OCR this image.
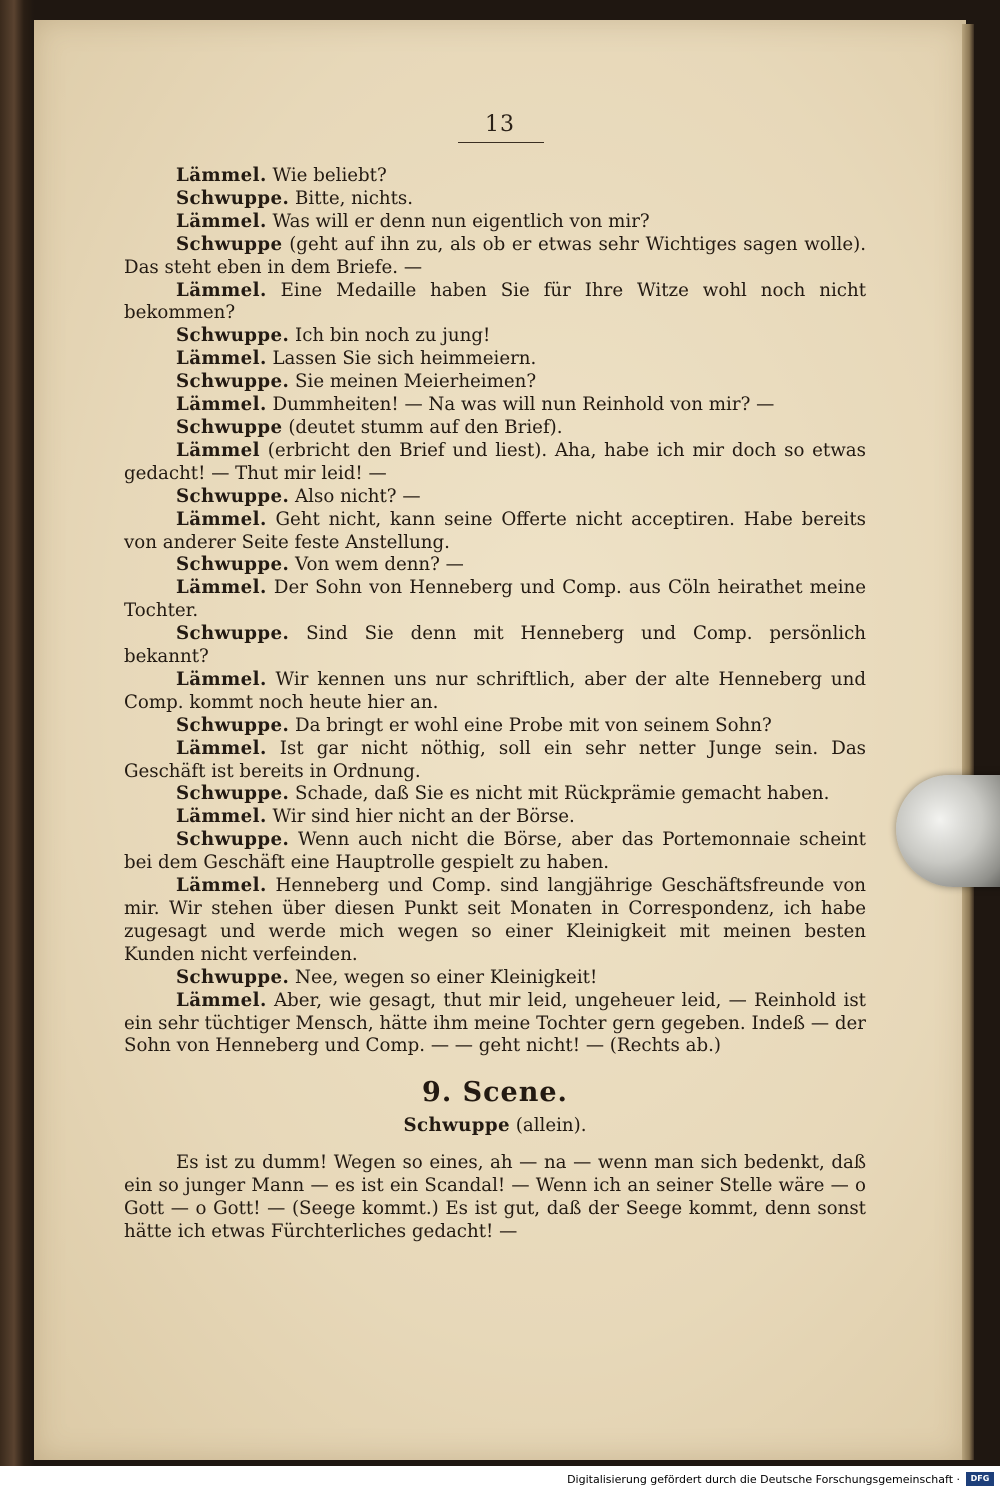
13

Lämmel. Wie beliebt?

Schwuppe. Bitte, nichts.

Lämmel. Was will er denn nun eigentlich von mir?

Schwuppe (geht auf ihn zu, als ob er etwas sehr Wichtiges sagen wolle). Das steht eben in dem Briefe. —

Lämmel. Eine Medaille haben Sie für Ihre Witze wohl noch nicht bekommen?

Schwuppe. Ich bin noch zu jung!

Lämmel. Lassen Sie sich heimmeiern.

Schwuppe. Sie meinen Meierheimen?

Lämmel. Dummheiten! — Na was will nun Reinhold von mir? —

Schwuppe (deutet stumm auf den Brief).

Lämmel (erbricht den Brief und liest). Aha, habe ich mir doch so etwas gedacht! — Thut mir leid! —

Schwuppe. Also nicht? —

Lämmel. Geht nicht, kann seine Offerte nicht acceptiren. Habe bereits von anderer Seite feste Anstellung.

Schwuppe. Von wem denn? —

Lämmel. Der Sohn von Henneberg und Comp. aus Cöln heirathet meine Tochter.

Schwuppe. Sind Sie denn mit Henneberg und Comp. persönlich bekannt?

Lämmel. Wir kennen uns nur schriftlich, aber der alte Henneberg und Comp. kommt noch heute hier an.

Schwuppe. Da bringt er wohl eine Probe mit von seinem Sohn?

Lämmel. Ist gar nicht nöthig, soll ein sehr netter Junge sein. Das Geschäft ist bereits in Ordnung.

Schwuppe. Schade, daß Sie es nicht mit Rückprämie gemacht haben.

Lämmel. Wir sind hier nicht an der Börse.

Schwuppe. Wenn auch nicht die Börse, aber das Portemonnaie scheint bei dem Geschäft eine Hauptrolle gespielt zu haben.

Lämmel. Henneberg und Comp. sind langjährige Geschäftsfreunde von mir. Wir stehen über diesen Punkt seit Monaten in Correspondenz, ich habe zugesagt und werde mich wegen so einer Kleinigkeit mit meinen besten Kunden nicht verfeinden.

Schwuppe. Nee, wegen so einer Kleinigkeit!

Lämmel. Aber, wie gesagt, thut mir leid, ungeheuer leid, — Reinhold ist ein sehr tüchtiger Mensch, hätte ihm meine Tochter gern gegeben. Indeß — der Sohn von Henneberg und Comp. — — geht nicht! — (Rechts ab.)

9. Scene.

Schwuppe (allein).

Es ist zu dumm! Wegen so eines, ah — na — wenn man sich bedenkt, daß ein so junger Mann — es ist ein Scandal! — Wenn ich an seiner Stelle wäre — o Gott — o Gott! — (Seege kommt.) Es ist gut, daß der Seege kommt, denn sonst hätte ich etwas Fürchterliches gedacht! —

Digitalisierung gefördert durch die Deutsche Forschungsgemeinschaft ·	DFG
